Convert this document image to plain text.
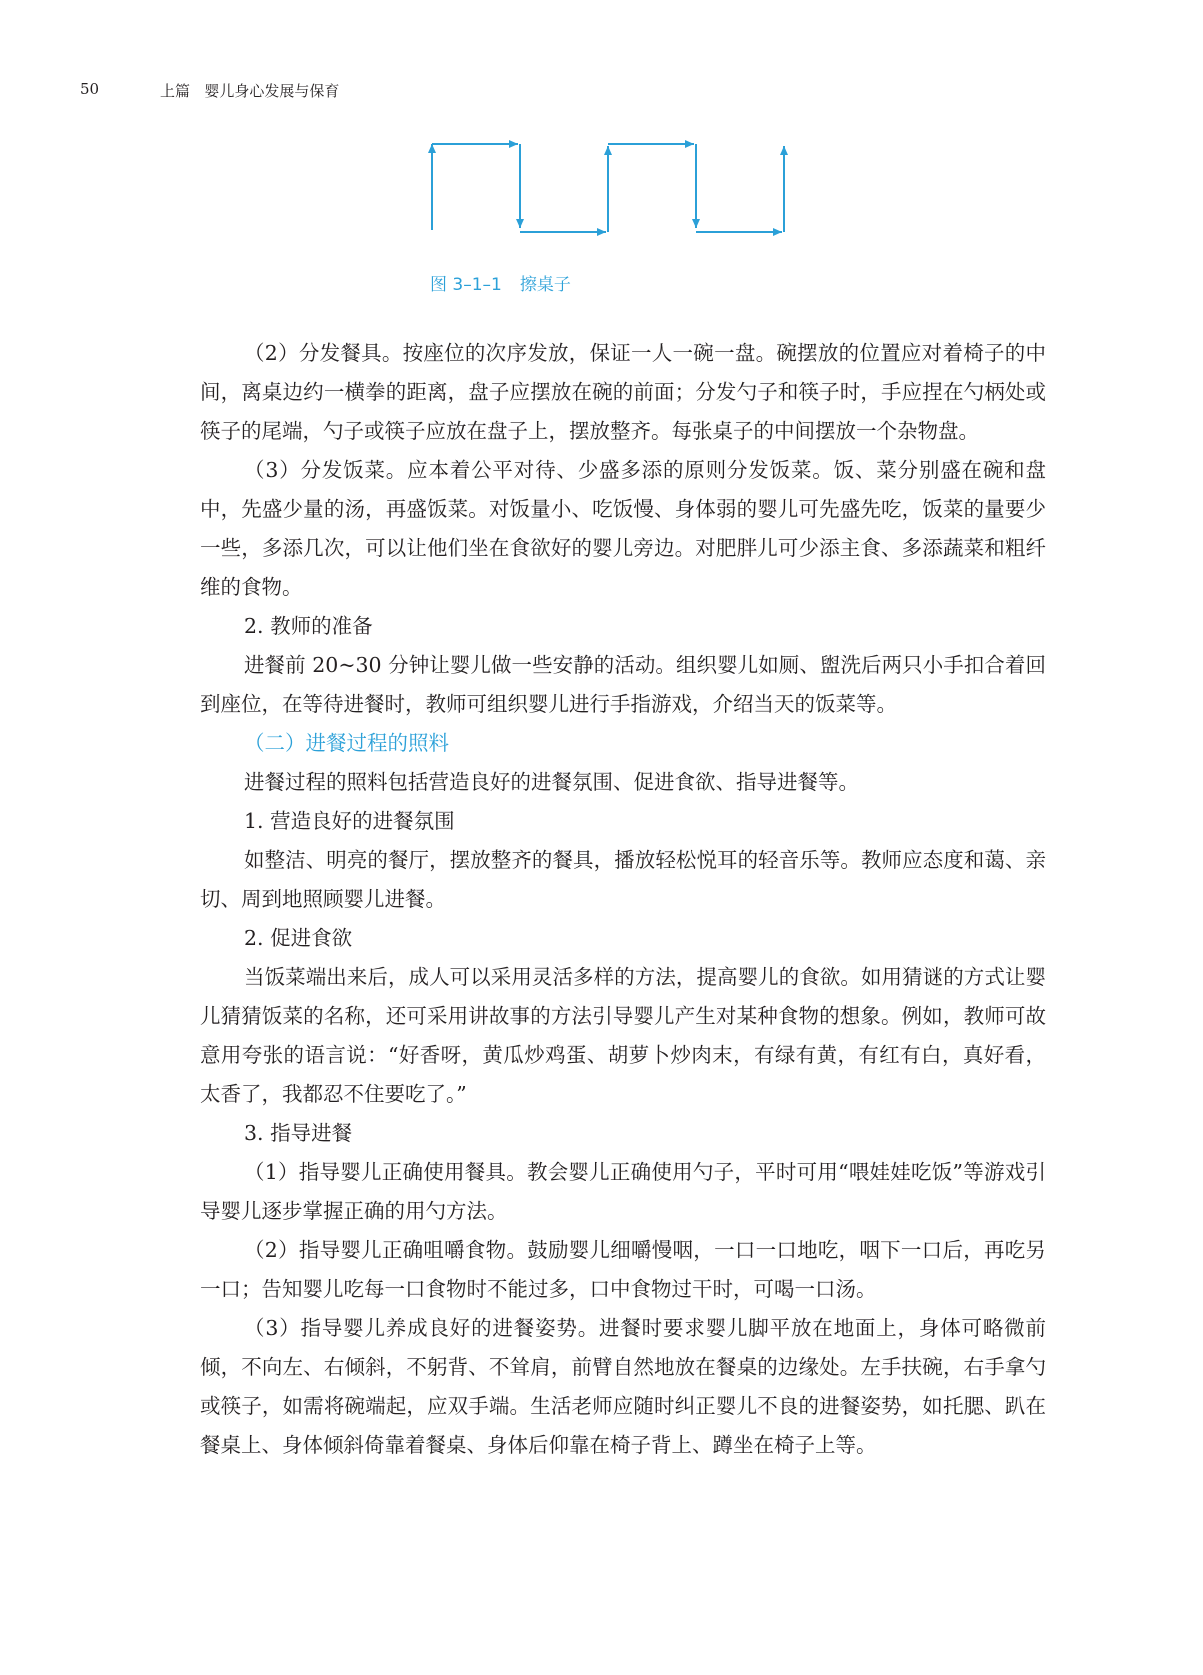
50	上篇 婴儿身心发展与保育
图 3–1–1 擦桌子

（2）分发餐具。按座位的次序发放，保证一人一碗一盘。碗摆放的位置应对着椅子的中间，离桌边约一横拳的距离，盘子应摆放在碗的前面；分发勺子和筷子时，手应捏在勺柄处或筷子的尾端，勺子或筷子应放在盘子上，摆放整齐。每张桌子的中间摆放一个杂物盘。

（3）分发饭菜。应本着公平对待、少盛多添的原则分发饭菜。饭、菜分别盛在碗和盘中，先盛少量的汤，再盛饭菜。对饭量小、吃饭慢、身体弱的婴儿可先盛先吃，饭菜的量要少一些，多添几次，可以让他们坐在食欲好的婴儿旁边。对肥胖儿可少添主食、多添蔬菜和粗纤维的食物。

2. 教师的准备

进餐前 20~30 分钟让婴儿做一些安静的活动。组织婴儿如厕、盥洗后两只小手扣合着回到座位，在等待进餐时，教师可组织婴儿进行手指游戏，介绍当天的饭菜等。

（二）进餐过程的照料

进餐过程的照料包括营造良好的进餐氛围、促进食欲、指导进餐等。

1. 营造良好的进餐氛围

如整洁、明亮的餐厅，摆放整齐的餐具，播放轻松悦耳的轻音乐等。教师应态度和蔼、亲切、周到地照顾婴儿进餐。

2. 促进食欲

当饭菜端出来后，成人可以采用灵活多样的方法，提高婴儿的食欲。如用猜谜的方式让婴儿猜猜饭菜的名称，还可采用讲故事的方法引导婴儿产生对某种食物的想象。例如，教师可故意用夸张的语言说：“好香呀，黄瓜炒鸡蛋、胡萝卜炒肉末，有绿有黄，有红有白，真好看，太香了，我都忍不住要吃了。”

3. 指导进餐

（1）指导婴儿正确使用餐具。教会婴儿正确使用勺子，平时可用“喂娃娃吃饭”等游戏引导婴儿逐步掌握正确的用勺方法。

（2）指导婴儿正确咀嚼食物。鼓励婴儿细嚼慢咽，一口一口地吃，咽下一口后，再吃另一口；告知婴儿吃每一口食物时不能过多，口中食物过干时，可喝一口汤。

（3）指导婴儿养成良好的进餐姿势。进餐时要求婴儿脚平放在地面上，身体可略微前倾，不向左、右倾斜，不躬背、不耸肩，前臂自然地放在餐桌的边缘处。左手扶碗，右手拿勺或筷子，如需将碗端起，应双手端。生活老师应随时纠正婴儿不良的进餐姿势，如托腮、趴在餐桌上、身体倾斜倚靠着餐桌、身体后仰靠在椅子背上、蹲坐在椅子上等。
